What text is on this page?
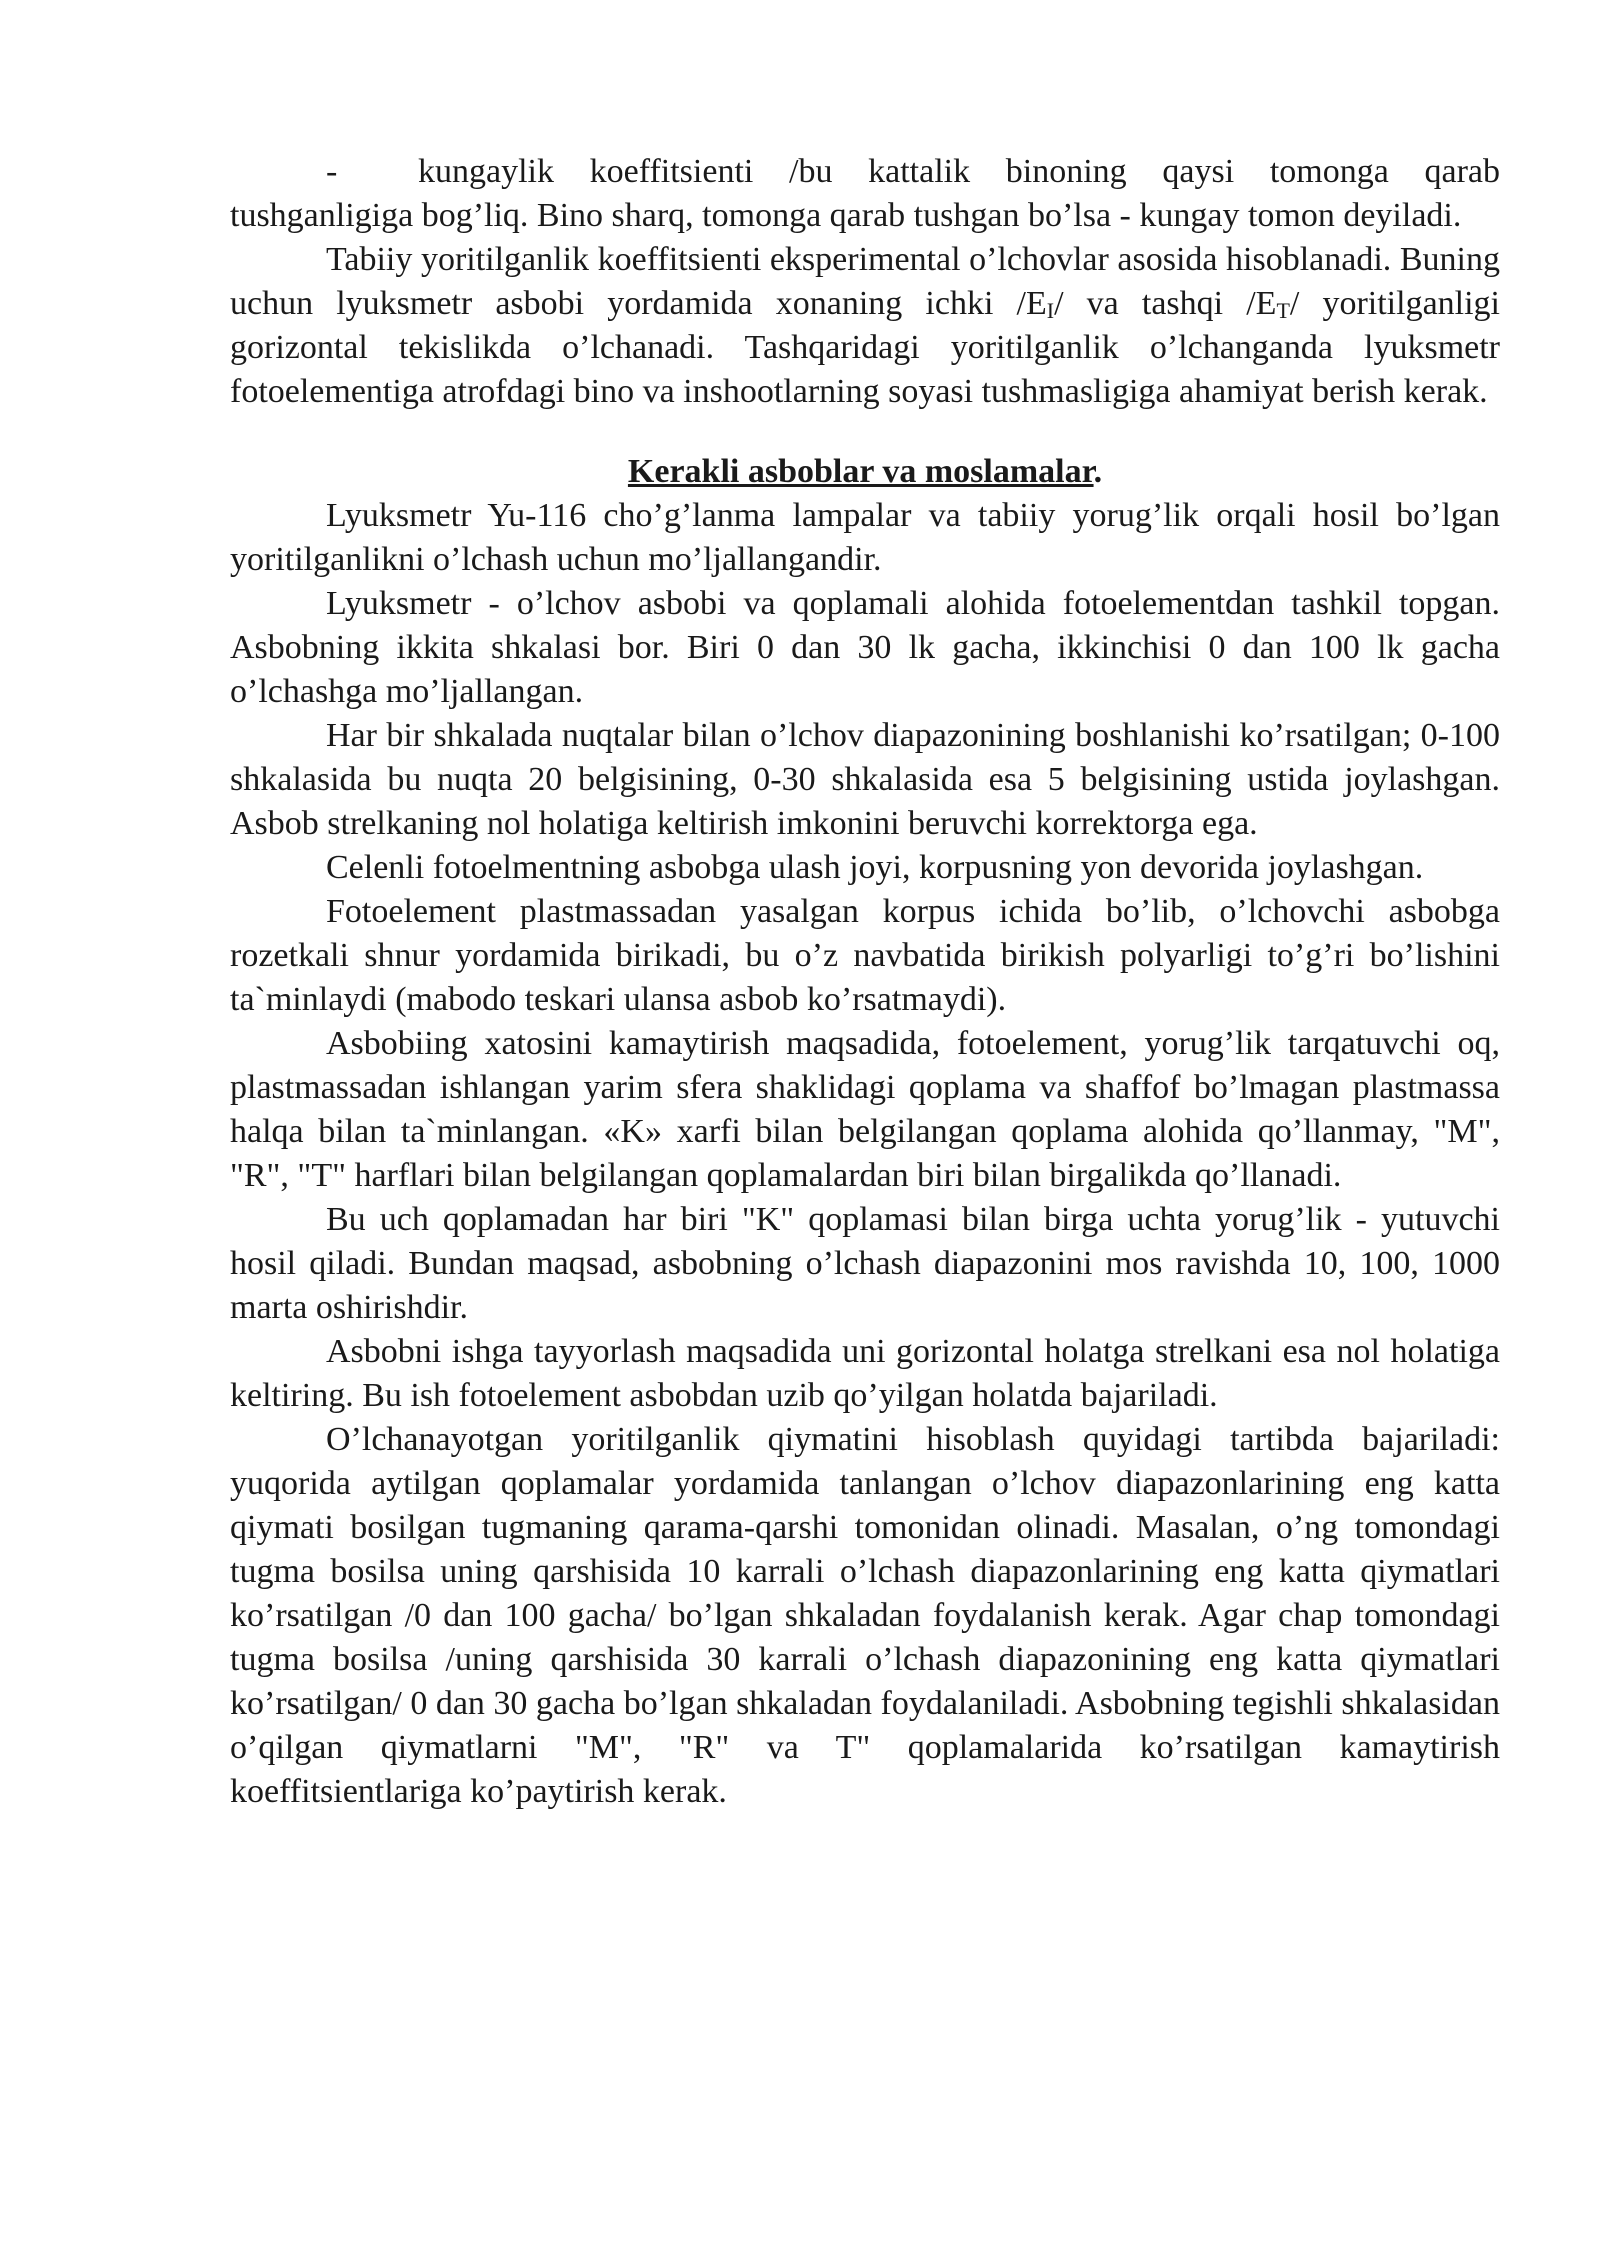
- kungaylik koeffitsienti /bu kattalik binoning qaysi tomonga qarab tushganligiga bog’liq. Bino sharq, tomonga qarab tushgan bo’lsa - kungay tomon deyiladi.

Tabiiy yoritilganlik koeffitsienti eksperimental o’lchovlar asosida hisoblanadi. Buning uchun lyuksmetr asbobi yordamida xonaning ichki $/E_I/$ va tashqi $/E_T/$ yoritilganligi gorizontal tekislikda o’lchanadi. Tashqaridagi yoritilganlik o’lchanganda lyuksmetr fotoelementiga atrofdagi bino va inshootlarning soyasi tushmasligiga ahamiyat berish kerak.

Kerakli asboblar va moslamalar.

Lyuksmetr Yu-116 cho’g’lanma lampalar va tabiiy yorug’lik orqali hosil bo’lgan yoritilganlikni o’lchash uchun mo’ljallangandir.

Lyuksmetr - o’lchov asbobi va qoplamali alohida fotoelementdan tashkil topgan. Asbobning ikkita shkalasi bor. Biri 0 dan 30 lk gacha, ikkinchisi 0 dan 100 lk gacha o’lchashga mo’ljallangan.

Har bir shkalada nuqtalar bilan o’lchov diapazonining boshlanishi ko’rsatilgan; 0-100 shkalasida bu nuqta 20 belgisining, 0-30 shkalasida esa 5 belgisining ustida joylashgan. Asbob strelkaning nol holatiga keltirish imkonini beruvchi korrektorga ega.

Celenli fotoelmentning asbobga ulash joyi, korpusning yon devorida joylashgan.

Fotoelement plastmassadan yasalgan korpus ichida bo’lib, o’lchovchi asbobga rozetkali shnur yordamida birikadi, bu o’z navbatida birikish polyarligi to’g’ri bo’lishini ta`minlaydi (mabodo teskari ulansa asbob ko’rsatmaydi).

Asbobiing xatosini kamaytirish maqsadida, fotoelement, yorug’lik tarqatuvchi oq, plastmassadan ishlangan yarim sfera shaklidagi qoplama va shaffof bo’lmagan plastmassa halqa bilan ta`minlangan. «K» xarfi bilan belgilangan qoplama alohida qo’llanmay, "M", "R", "T" harflari bilan belgilangan qoplamalardan biri bilan birgalikda qo’llanadi.

Bu uch qoplamadan har biri "K" qoplamasi bilan birga uchta yorug’lik - yutuvchi hosil qiladi. Bundan maqsad, asbobning o’lchash diapazonini mos ravishda 10, 100, 1000 marta oshirishdir.

Asbobni ishga tayyorlash maqsadida uni gorizontal holatga strelkani esa nol holatiga keltiring. Bu ish fotoelement asbobdan uzib qo’yilgan holatda bajariladi.

O’lchanayotgan yoritilganlik qiymatini hisoblash quyidagi tartibda bajariladi: yuqorida aytilgan qoplamalar yordamida tanlangan o’lchov diapazonlarining eng katta qiymati bosilgan tugmaning qarama-qarshi tomonidan olinadi. Masalan, o’ng tomondagi tugma bosilsa uning qarshisida 10 karrali o’lchash diapazonlarining eng katta qiymatlari ko’rsatilgan /0 dan 100 gacha/ bo’lgan shkaladan foydalanish kerak. Agar chap tomondagi tugma bosilsa /uning qarshisida 30 karrali o’lchash diapazonining eng katta qiymatlari ko’rsatilgan/ 0 dan 30 gacha bo’lgan shkaladan foydalaniladi. Asbobning tegishli shkalasidan o’qilgan qiymatlarni "M", "R" va T" qoplamalarida ko’rsatilgan kamaytirish koeffitsientlariga ko’paytirish kerak.
